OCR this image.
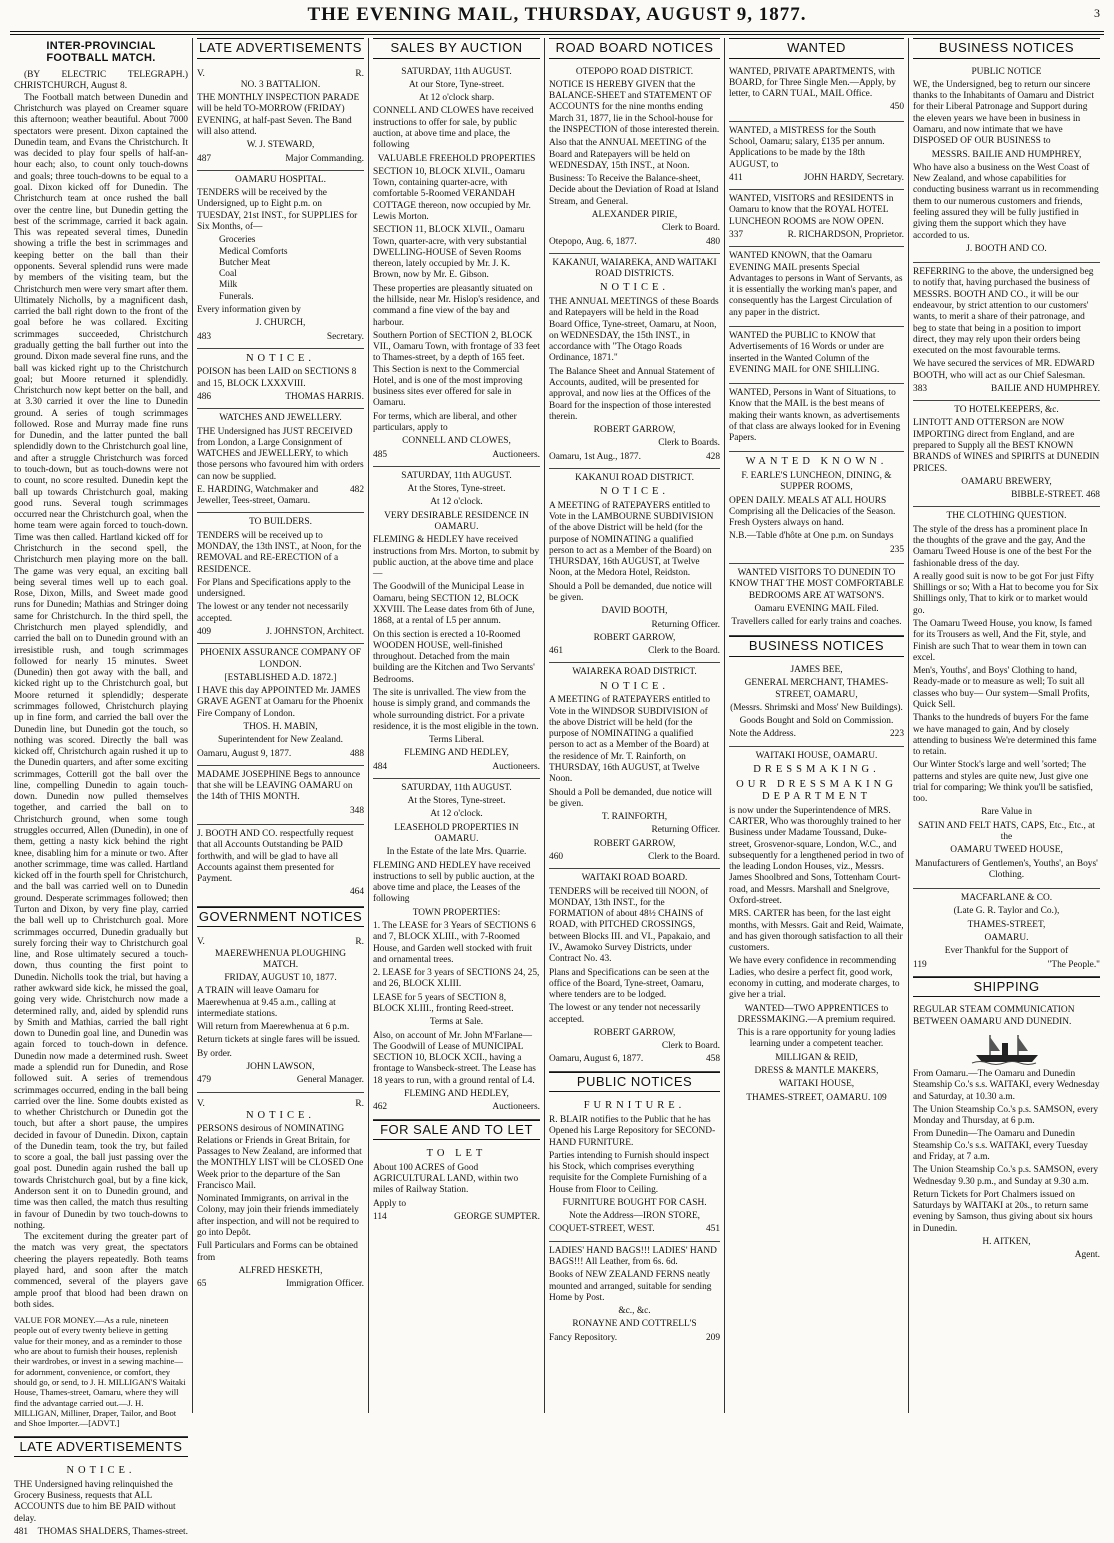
THE EVENING MAIL, THURSDAY, AUGUST 9, 1877.	3
INTER-PROVINCIAL FOOTBALL MATCH.

(BY ELECTRIC TELEGRAPH.) CHRISTCHURCH, August 8.

The Football match between Dunedin and Christchurch was played on Creamer square this afternoon; weather beautiful. About 7000 spectators were present. Dixon captained the Dunedin team, and Evans the Christchurch. It was decided to play four spells of half-an-hour each; also, to count only touch-downs and goals; three touch-downs to be equal to a goal. Dixon kicked off for Dunedin. The Christchurch team at once rushed the ball over the centre line, but Dunedin getting the best of the scrimmage, carried it back again. This was repeated several times, Dunedin showing a trifle the best in scrimmages and keeping better on the ball than their opponents. Several splendid runs were made by members of the visiting team, but the Christchurch men were very smart after them. Ultimately Nicholls, by a magnificent dash, carried the ball right down to the front of the goal before he was collared. Exciting scrimmages succeeded, Christchurch gradually getting the ball further out into the ground. Dixon made several fine runs, and the ball was kicked right up to the Christchurch goal; but Moore returned it splendidly. Christchurch now kept better on the ball, and at 3.30 carried it over the line to Dunedin ground. A series of tough scrimmages followed. Rose and Murray made fine runs for Dunedin, and the latter punted the ball splendidly down to the Christchurch goal line, and after a struggle Christchurch was forced to touch-down, but as touch-downs were not to count, no score resulted. Dunedin kept the ball up towards Christchurch goal, making good runs. Several tough scrimmages occurred near the Christchurch goal, when the home team were again forced to touch-down. Time was then called. Hartland kicked off for Christchurch in the second spell, the Christchurch men playing more on the ball. The game was very equal, an exciting ball being several times well up to each goal. Rose, Dixon, Mills, and Sweet made good runs for Dunedin; Mathias and Stringer doing same for Christchurch. In the third spell, the Christchurch men played splendidly, and carried the ball on to Dunedin ground with an irresistible rush, and tough scrimmages followed for nearly 15 minutes. Sweet (Dunedin) then got away with the ball, and kicked right up to the Christchurch goal, but Moore returned it splendidly; desperate scrimmages followed, Christchurch playing up in fine form, and carried the ball over the Dunedin line, but Dunedin got the touch, so nothing was scored. Directly the ball was kicked off, Christchurch again rushed it up to the Dunedin quarters, and after some exciting scrimmages, Cotterill got the ball over the line, compelling Dunedin to again touch-down. Dunedin now pulled themselves together, and carried the ball on to Christchurch ground, when some tough struggles occurred, Allen (Dunedin), in one of them, getting a nasty kick behind the right knee, disabling him for a minute or two. After another scrimmage, time was called. Hartland kicked off in the fourth spell for Christchurch, and the ball was carried well on to Dunedin ground. Desperate scrimmages followed; then Turton and Dixon, by very fine play, carried the ball well up to Christchurch goal. More scrimmages occurred, Dunedin gradually but surely forcing their way to Christchurch goal line, and Rose ultimately secured a touch-down, thus counting the first point to Dunedin. Nicholls took the trial, but having a rather awkward side kick, he missed the goal, going very wide. Christchurch now made a determined rally, and, aided by splendid runs by Smith and Mathias, carried the ball right down to Dunedin goal line, and Dunedin was again forced to touch-down in defence. Dunedin now made a determined rush. Sweet made a splendid run for Dunedin, and Rose followed suit. A series of tremendous scrimmages occurred, ending in the ball being carried over the line. Some doubts existed as to whether Christchurch or Dunedin got the touch, but after a short pause, the umpires decided in favour of Dunedin. Dixon, captain of the Dunedin team, took the try, but failed to score a goal, the ball just passing over the goal post. Dunedin again rushed the ball up towards Christchurch goal, but by a fine kick, Anderson sent it on to Dunedin ground, and time was then called, the match thus resulting in favour of Dunedin by two touch-downs to nothing.

The excitement during the greater part of the match was very great, the spectators cheering the players repeatedly. Both teams played hard, and soon after the match commenced, several of the players gave ample proof that blood had been drawn on both sides.

VALUE FOR MONEY.—As a rule, nineteen people out of every twenty believe in getting value for their money, and as a reminder to those who are about to furnish their houses, replenish their wardrobes, or invest in a sewing machine—for adornment, convenience, or comfort, they should go, or send, to J. H. MILLIGAN'S Waitaki House, Thames-street, Oamaru, where they will find the advantage carried out.—J. H. MILLIGAN, Milliner, Draper, Tailor, and Boot and Shoe Importer.—[ADVT.]

LATE ADVERTISEMENTS

NOTICE.

THE Undersigned having relinquished the Grocery Business, requests that ALL ACCOUNTS due to him BE PAID without delay.

481 THOMAS SHALDERS, Thames-street.
LATE ADVERTISEMENTS
V.	R.

NO. 3 BATTALION.

THE MONTHLY INSPECTION PARADE will be held TO-MORROW (FRIDAY) EVENING, at half-past Seven. The Band will also attend.

W. J. STEWARD,

487	Major Commanding.

OAMARU HOSPITAL.

TENDERS will be received by the Undersigned, up to Eight p.m. on TUESDAY, 21st INST., for SUPPLIES for Six Months, of—

Groceries
Medical Comforts
Butcher Meat
Coal
Milk
Funerals.

Every information given by

J. CHURCH,

483	Secretary.

NOTICE.

POISON has been LAID on SECTIONS 8 and 15, BLOCK LXXXVIII.

486	THOMAS HARRIS.

WATCHES AND JEWELLERY.

THE Undersigned has JUST RECEIVED from London, a Large Consignment of WATCHES and JEWELLERY, to which those persons who favoured him with orders can now be supplied.

E. HARDING, Watchmaker and Jeweller, Tees-street, Oamaru.
482

TO BUILDERS.

TENDERS will be received up to MONDAY, the 13th INST., at Noon, for the REMOVAL and RE-ERECTION of a RESIDENCE.

For Plans and Specifications apply to the undersigned.

The lowest or any tender not necessarily accepted.

409	J. JOHNSTON, Architect.

PHOENIX ASSURANCE COMPANY OF LONDON.

[ESTABLISHED A.D. 1872.]

I HAVE this day APPOINTED Mr. JAMES GRAVE AGENT at Oamaru for the Phoenix Fire Company of London.

THOS. H. MABIN,

Superintendent for New Zealand.

Oamaru, August 9, 1877.	488

MADAME JOSEPHINE Begs to announce that she will be LEAVING OAMARU on the 14th of THIS MONTH.

348

J. BOOTH AND CO. respectfully request that all Accounts Outstanding be PAID forthwith, and will be glad to have all Accounts against them presented for Payment.

464

GOVERNMENT NOTICES
V.	R.

MAEREWHENUA PLOUGHING MATCH.

FRIDAY, AUGUST 10, 1877.

A TRAIN will leave Oamaru for Maerewhenua at 9.45 a.m., calling at intermediate stations.

Will return from Maerewhenua at 6 p.m.

Return tickets at single fares will be issued.

By order.

JOHN LAWSON,

479	General Manager.
V.	R.

NOTICE.

PERSONS desirous of NOMINATING Relations or Friends in Great Britain, for Passages to New Zealand, are informed that the MONTHLY LIST will be CLOSED One Week prior to the departure of the San Francisco Mail.

Nominated Immigrants, on arrival in the Colony, may join their friends immediately after inspection, and will not be required to go into Depôt.

Full Particulars and Forms can be obtained from

ALFRED HESKETH,

65	Immigration Officer.
SALES BY AUCTION

SATURDAY, 11th AUGUST.

At our Store, Tyne-street.

At 12 o'clock sharp.

CONNELL AND CLOWES have received instructions to offer for sale, by public auction, at above time and place, the following

VALUABLE FREEHOLD PROPERTIES

SECTION 10, BLOCK XLVII., Oamaru Town, containing quarter-acre, with comfortable 5-Roomed VERANDAH COTTAGE thereon, now occupied by Mr. Lewis Morton.

SECTION 11, BLOCK XLVII., Oamaru Town, quarter-acre, with very substantial DWELLING-HOUSE of Seven Rooms thereon, lately occupied by Mr. J. K. Brown, now by Mr. E. Gibson.

These properties are pleasantly situated on the hillside, near Mr. Hislop's residence, and command a fine view of the bay and harbour.

Southern Portion of SECTION 2, BLOCK VII., Oamaru Town, with frontage of 33 feet to Thames-street, by a depth of 165 feet. This Section is next to the Commercial Hotel, and is one of the most improving business sites ever offered for sale in Oamaru.

For terms, which are liberal, and other particulars, apply to

CONNELL AND CLOWES,

485	Auctioneers.

SATURDAY, 11th AUGUST.

At the Stores, Tyne-street.

At 12 o'clock.

VERY DESIRABLE RESIDENCE IN OAMARU.

FLEMING & HEDLEY have received instructions from Mrs. Morton, to submit by public auction, at the above time and place—

The Goodwill of the Municipal Lease in Oamaru, being SECTION 12, BLOCK XXVIII. The Lease dates from 6th of June, 1868, at a rental of L5 per annum.

On this section is erected a 10-Roomed WOODEN HOUSE, well-finished throughout. Detached from the main building are the Kitchen and Two Servants' Bedrooms.

The site is unrivalled. The view from the house is simply grand, and commands the whole surrounding district. For a private residence, it is the most eligible in the town.

Terms Liberal.

FLEMING AND HEDLEY,

484	Auctioneers.

SATURDAY, 11th AUGUST.

At the Stores, Tyne-street.

At 12 o'clock.

LEASEHOLD PROPERTIES IN OAMARU.

In the Estate of the late Mrs. Quarrie.

FLEMING AND HEDLEY have received instructions to sell by public auction, at the above time and place, the Leases of the following

TOWN PROPERTIES:

1. The LEASE for 3 Years of SECTIONS 6 and 7, BLOCK XLIII., with 7-Roomed House, and Garden well stocked with fruit and ornamental trees.

2. LEASE for 3 years of SECTIONS 24, 25, and 26, BLOCK XLIII.

LEASE for 5 years of SECTION 8, BLOCK XLIII., fronting Reed-street.

Terms at Sale.

Also, on account of Mr. John M'Farlane—The Goodwill of Lease of MUNICIPAL SECTION 10, BLOCK XCII., having a frontage to Wansbeck-street. The Lease has 18 years to run, with a ground rental of L4.

FLEMING AND HEDLEY,

462	Auctioneers.
FOR SALE AND TO LET

TO LET

About 100 ACRES of Good AGRICULTURAL LAND, within two miles of Railway Station.

Apply to

114	GEORGE SUMPTER.
ROAD BOARD NOTICES

OTEPOPO ROAD DISTRICT.

NOTICE IS HEREBY GIVEN that the BALANCE-SHEET and STATEMENT OF ACCOUNTS for the nine months ending March 31, 1877, lie in the School-house for the INSPECTION of those interested therein.

Also that the ANNUAL MEETING of the Board and Ratepayers will be held on WEDNESDAY, 15th INST., at Noon.

Business: To Receive the Balance-sheet, Decide about the Deviation of Road at Island Stream, and General.

ALEXANDER PIRIE,

Clerk to Board.

Otepopo, Aug. 6, 1877.	480

KAKANUI, WAIAREKA, AND WAITAKI ROAD DISTRICTS.

NOTICE.

THE ANNUAL MEETINGS of these Boards and Ratepayers will be held in the Road Board Office, Tyne-street, Oamaru, at Noon, on WEDNESDAY, the 15th INST., in accordance with "The Otago Roads Ordinance, 1871."

The Balance Sheet and Annual Statement of Accounts, audited, will be presented for approval, and now lies at the Offices of the Board for the inspection of those interested therein.

ROBERT GARROW,

Clerk to Boards.

Oamaru, 1st Aug., 1877.	428

KAKANUI ROAD DISTRICT.

NOTICE.

A MEETING of RATEPAYERS entitled to Vote in the LAMBOURNE SUBDIVISION of the above District will be held (for the purpose of NOMINATING a qualified person to act as a Member of the Board) on THURSDAY, 16th AUGUST, at Twelve Noon, at the Medora Hotel, Reidston.

Should a Poll be demanded, due notice will be given.

DAVID BOOTH,

Returning Officer.

ROBERT GARROW,

461	Clerk to the Board.

WAIAREKA ROAD DISTRICT.

NOTICE.

A MEETING of RATEPAYERS entitled to Vote in the WINDSOR SUBDIVISION of the above District will be held (for the purpose of NOMINATING a qualified person to act as a Member of the Board) at the residence of Mr. T. Rainforth, on THURSDAY, 16th AUGUST, at Twelve Noon.

Should a Poll be demanded, due notice will be given.

T. RAINFORTH,

Returning Officer.

ROBERT GARROW,

460	Clerk to the Board.

WAITAKI ROAD BOARD.

TENDERS will be received till NOON, of MONDAY, 13th INST., for the FORMATION of about 48½ CHAINS of ROAD, with PITCHED CROSSINGS, between Blocks III. and VI., Papakaio, and IV., Awamoko Survey Districts, under Contract No. 43.

Plans and Specifications can be seen at the office of the Board, Tyne-street, Oamaru, where tenders are to be lodged.

The lowest or any tender not necessarily accepted.

ROBERT GARROW,

Clerk to Board.

Oamaru, August 6, 1877.	458
PUBLIC NOTICES

FURNITURE.

R. BLAIR notifies to the Public that he has Opened his Large Repository for SECOND-HAND FURNITURE.

Parties intending to Furnish should inspect his Stock, which comprises everything requisite for the Complete Furnishing of a House from Floor to Ceiling.

FURNITURE BOUGHT FOR CASH.

Note the Address—IRON STORE,

COQUET-STREET, WEST.	451

LADIES' HAND BAGS!!! LADIES' HAND BAGS!!! All Leather, from 6s. 6d.

Books of NEW ZEALAND FERNS neatly mounted and arranged, suitable for sending Home by Post.

&c., &c.

RONAYNE AND COTTRELL'S

Fancy Repository.	209
WANTED

WANTED, PRIVATE APARTMENTS, with BOARD, for Three Single Men.—Apply, by letter, to CARN TUAL, MAIL Office.

450

WANTED, a MISTRESS for the South School, Oamaru; salary, £135 per annum. Applications to be made by the 18th AUGUST, to

411	JOHN HARDY, Secretary.

WANTED, VISITORS and RESIDENTS in Oamaru to know that the ROYAL HOTEL LUNCHEON ROOMS are NOW OPEN.

337	R. RICHARDSON, Proprietor.

WANTED KNOWN, that the Oamaru EVENING MAIL presents Special Advantages to persons in Want of Servants, as it is essentially the working man's paper, and consequently has the Largest Circulation of any paper in the district.

WANTED the PUBLIC to KNOW that Advertisements of 16 Words or under are inserted in the Wanted Column of the EVENING MAIL for ONE SHILLING.

WANTED, Persons in Want of Situations, to Know that the MAIL is the best means of making their wants known, as advertisements of that class are always looked for in Evening Papers.

WANTED KNOWN.

F. EARLE'S LUNCHEON, DINING, & SUPPER ROOMS,

OPEN DAILY. MEALS AT ALL HOURS Comprising all the Delicacies of the Season. Fresh Oysters always on hand.

N.B.—Table d'hôte at One p.m. on Sundays

235

WANTED VISITORS TO DUNEDIN TO KNOW THAT THE MOST COMFORTABLE BEDROOMS ARE AT WATSON'S.

Oamaru EVENING MAIL Filed.

Travellers called for early trains and coaches.

BUSINESS NOTICES

JAMES BEE,

GENERAL MERCHANT, THAMES-STREET, OAMARU,

(Messrs. Shrimski and Moss' New Buildings).

Goods Bought and Sold on Commission.

Note the Address.	223

WAITAKI HOUSE, OAMARU.

DRESSMAKING.

OUR DRESSMAKING DEPARTMENT

is now under the Superintendence of MRS. CARTER, Who was thoroughly trained to her Business under Madame Toussand, Duke-street, Grosvenor-square, London, W.C., and subsequently for a lengthened period in two of the leading London Houses, viz., Messrs. James Shoolbred and Sons, Tottenham Court-road, and Messrs. Marshall and Snelgrove, Oxford-street.

MRS. CARTER has been, for the last eight months, with Messrs. Gait and Reid, Waimate, and has given thorough satisfaction to all their customers.

We have every confidence in recommending Ladies, who desire a perfect fit, good work, economy in cutting, and moderate charges, to give her a trial.

WANTED—TWO APPRENTICES to DRESSMAKING.—A premium required.

This is a rare opportunity for young ladies learning under a competent teacher.

MILLIGAN & REID,

DRESS & MANTLE MAKERS,

WAITAKI HOUSE,

THAMES-STREET, OAMARU. 109

BUSINESS NOTICES

PUBLIC NOTICE

WE, the Undersigned, beg to return our sincere thanks to the Inhabitants of Oamaru and District for their Liberal Patronage and Support during the eleven years we have been in business in Oamaru, and now intimate that we have DISPOSED OF OUR BUSINESS to

MESSRS. BAILIE AND HUMPHREY,

Who have also a business on the West Coast of New Zealand, and whose capabilities for conducting business warrant us in recommending them to our numerous customers and friends, feeling assured they will be fully justified in giving them the support which they have accorded to us.

J. BOOTH AND CO.

REFERRING to the above, the undersigned beg to notify that, having purchased the business of MESSRS. BOOTH AND CO., it will be our endeavour, by strict attention to our customers' wants, to merit a share of their patronage, and beg to state that being in a position to import direct, they may rely upon their orders being executed on the most favourable terms.

We have secured the services of MR. EDWARD BOOTH, who will act as our Chief Salesman.

383	BAILIE AND HUMPHREY.

TO HOTELKEEPERS, &c.

LINTOTT AND OTTERSON are NOW IMPORTING direct from England, and are prepared to Supply all the BEST KNOWN BRANDS of WINES and SPIRITS at DUNEDIN PRICES.

OAMARU BREWERY,

BIBBLE-STREET. 468

THE CLOTHING QUESTION.

The style of the dress has a prominent place In the thoughts of the grave and the gay, And the Oamaru Tweed House is one of the best For the fashionable dress of the day.

A really good suit is now to be got For just Fifty Shillings or so; With a Hat to become you for Six Shillings only, That to kirk or to market would go.

The Oamaru Tweed House, you know, Is famed for its Trousers as well, And the Fit, style, and Finish are such That to wear them in town can excel.

Men's, Youths', and Boys' Clothing to hand, Ready-made or to measure as well; To suit all classes who buy— Our system—Small Profits, Quick Sell.

Thanks to the hundreds of buyers For the fame we have managed to gain, And by closely attending to business We're determined this fame to retain.

Our Winter Stock's large and well 'sorted; The patterns and styles are quite new, Just give one trial for comparing; We think you'll be satisfied, too.

Rare Value in

SATIN AND FELT HATS, CAPS, Etc., Etc., at the

OAMARU TWEED HOUSE,

Manufacturers of Gentlemen's, Youths', an Boys' Clothing.

MACFARLANE & CO.

(Late G. R. Taylor and Co.),

THAMES-STREET,

OAMARU.

Ever Thankful for the Support of

119	"The People."
SHIPPING

REGULAR STEAM COMMUNICATION BETWEEN OAMARU AND DUNEDIN.

From Oamaru.—The Oamaru and Dunedin Steamship Co.'s s.s. WAITAKI, every Wednesday and Saturday, at 10.30 a.m.

The Union Steamship Co.'s p.s. SAMSON, every Monday and Thursday, at 6 p.m.

From Dunedin—The Oamaru and Dunedin Steamship Co.'s s.s. WAITAKI, every Tuesday and Friday, at 7 a.m.

The Union Steamship Co.'s p.s. SAMSON, every Wednesday 9.30 p.m., and Sunday at 9.30 a.m.

Return Tickets for Port Chalmers issued on Saturdays by WAITAKI at 20s., to return same evening by Samson, thus giving about six hours in Dunedin.

H. AITKEN,

Agent.
